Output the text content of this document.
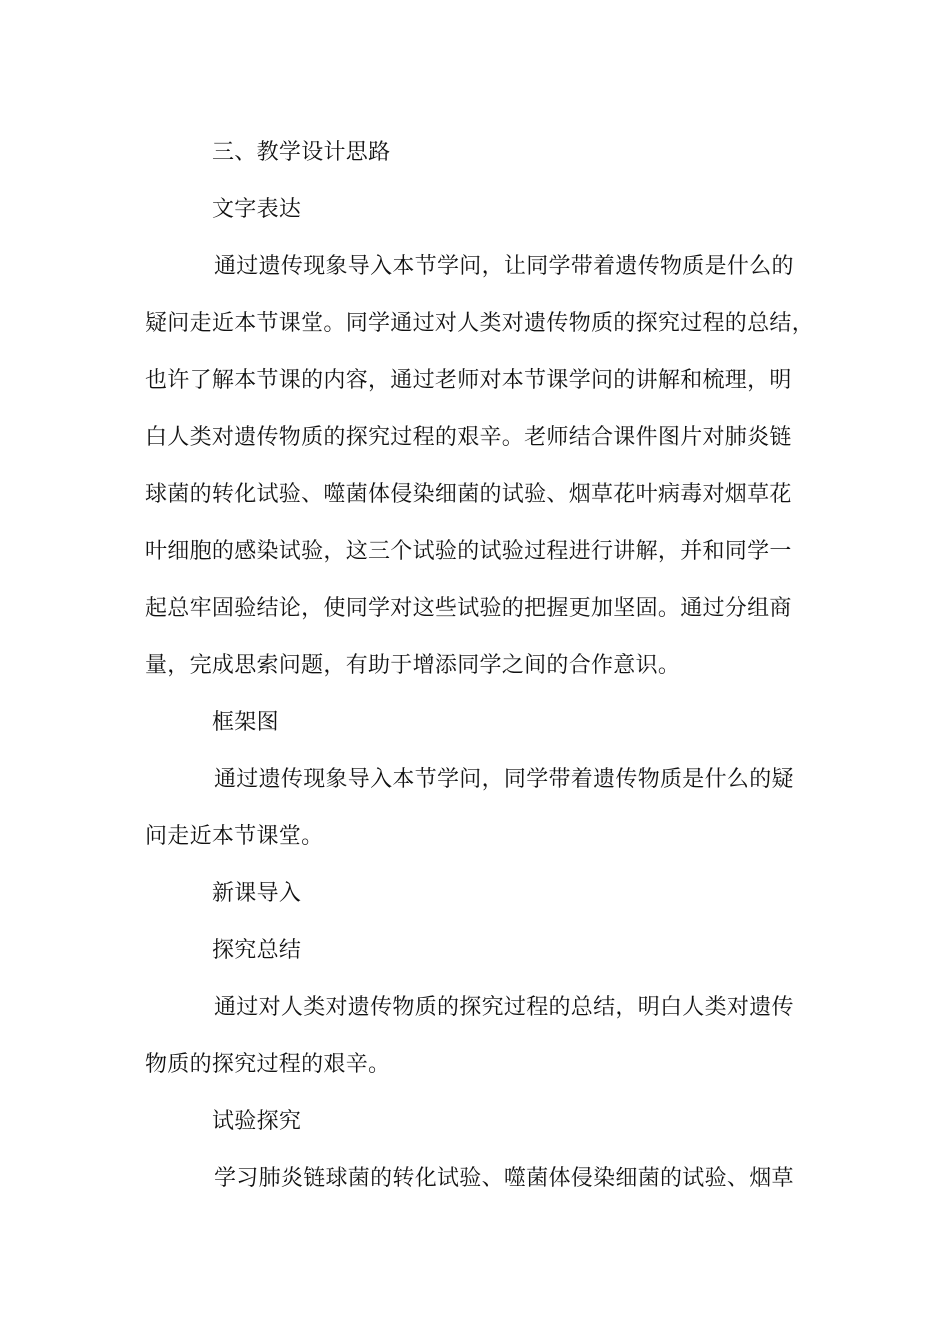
三、教学设计思路
文字表达
通过遗传现象导入本节学问，让同学带着遗传物质是什么的
疑问走近本节课堂。同学通过对人类对遗传物质的探究过程的总结，
也许了解本节课的内容，通过老师对本节课学问的讲解和梳理，明
白人类对遗传物质的探究过程的艰辛。老师结合课件图片对肺炎链
球菌的转化试验、噬菌体侵染细菌的试验、烟草花叶病毒对烟草花
叶细胞的感染试验，这三个试验的试验过程进行讲解，并和同学一
起总牢固验结论，使同学对这些试验的把握更加坚固。通过分组商
量，完成思索问题，有助于增添同学之间的合作意识。
框架图
通过遗传现象导入本节学问，同学带着遗传物质是什么的疑
问走近本节课堂。
新课导入
探究总结
通过对人类对遗传物质的探究过程的总结，明白人类对遗传
物质的探究过程的艰辛。
试验探究
学习肺炎链球菌的转化试验、噬菌体侵染细菌的试验、烟草
